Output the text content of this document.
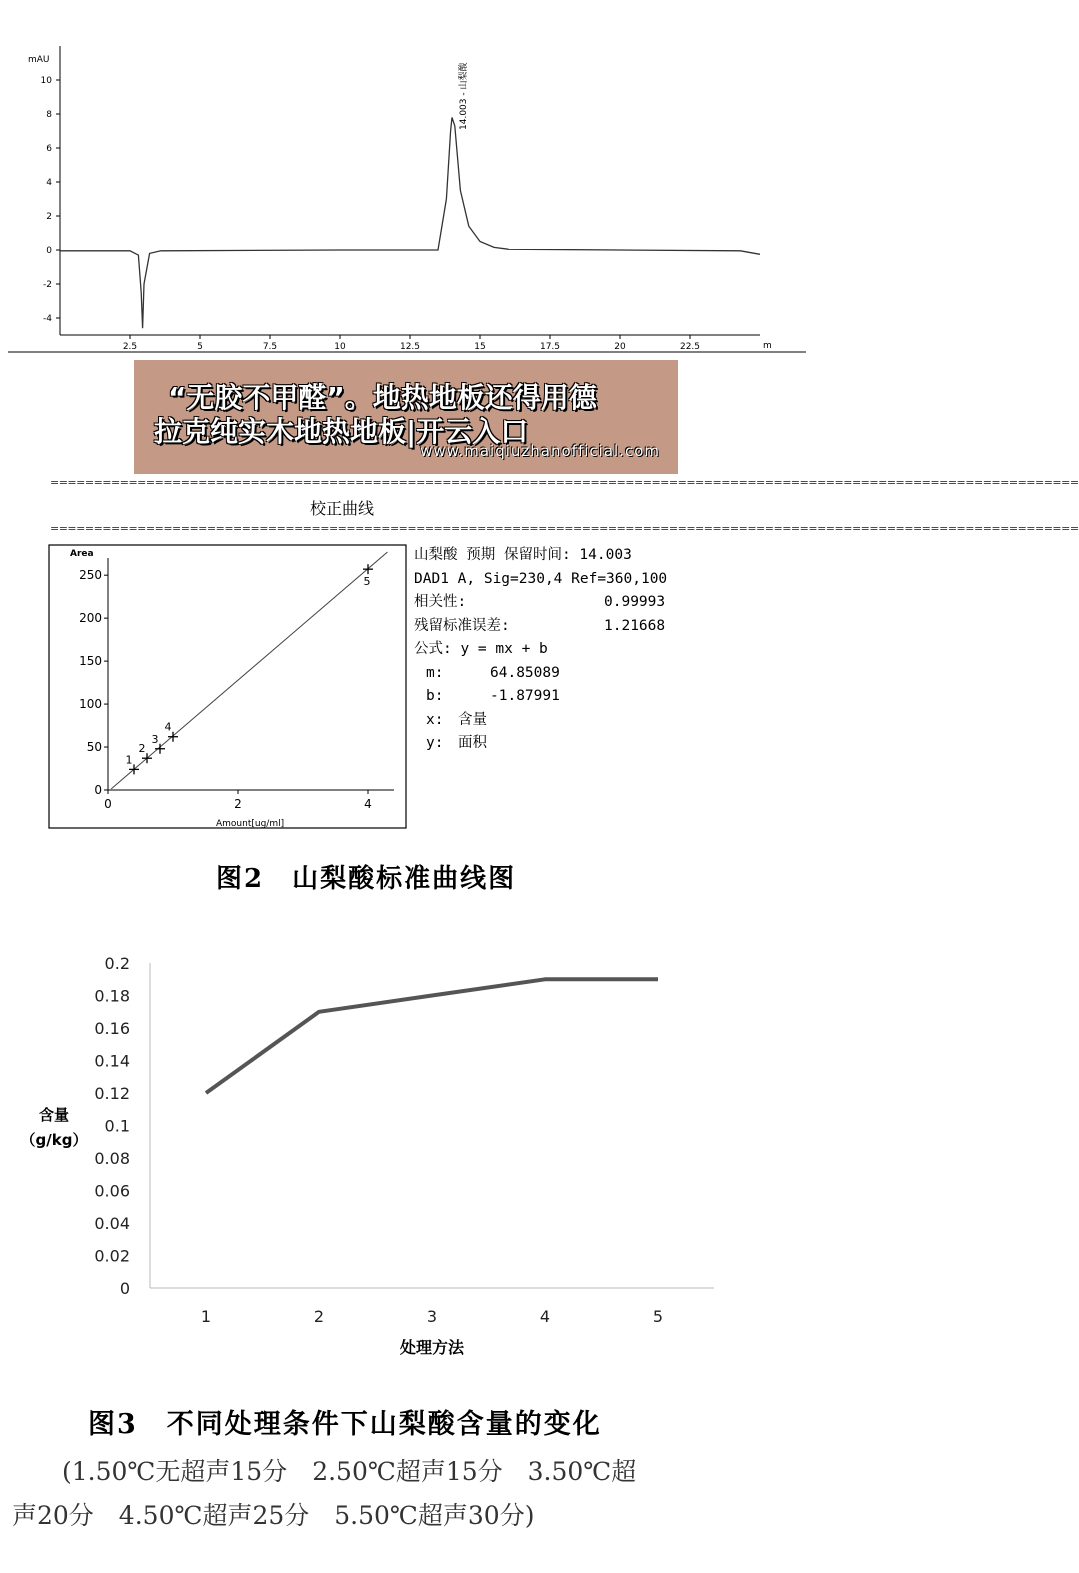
mAU
m
-4
-2
0
2
4
6
8
10
2.5	5	7.5	10	12.5	15	17.5	20	22.5
14.003 - 山梨酸
“无胶不甲醛”。地热地板还得用德
拉克纯实木地热地板|开云入口
www.maiqiuzhanofficial.com
======================================================================================================================
校正曲线
======================================================================================================================
Area
Amount[ug/ml]
0
50
100
150
200
250
0	2	4
1
2
3
4
5
山梨酸 预期 保留时间: 14.003
DAD1 A, Sig=230,4 Ref=360,100
相关性:	0.99993
残留标准误差:	1.21668
公式: y = mx + b
m:	64.85089
b:	-1.87991
x: 含量
y: 面积
图2　山梨酸标准曲线图
0
0.02
0.04
0.06
0.08
0.1
0.12
0.14
0.16
0.18
0.2
1	2	3	4	5
含量
（g/kg）
处理方法
图3　不同处理条件下山梨酸含量的变化
(1.50℃无超声15分　2.50℃超声15分　3.50℃超
声20分　4.50℃超声25分　5.50℃超声30分)
